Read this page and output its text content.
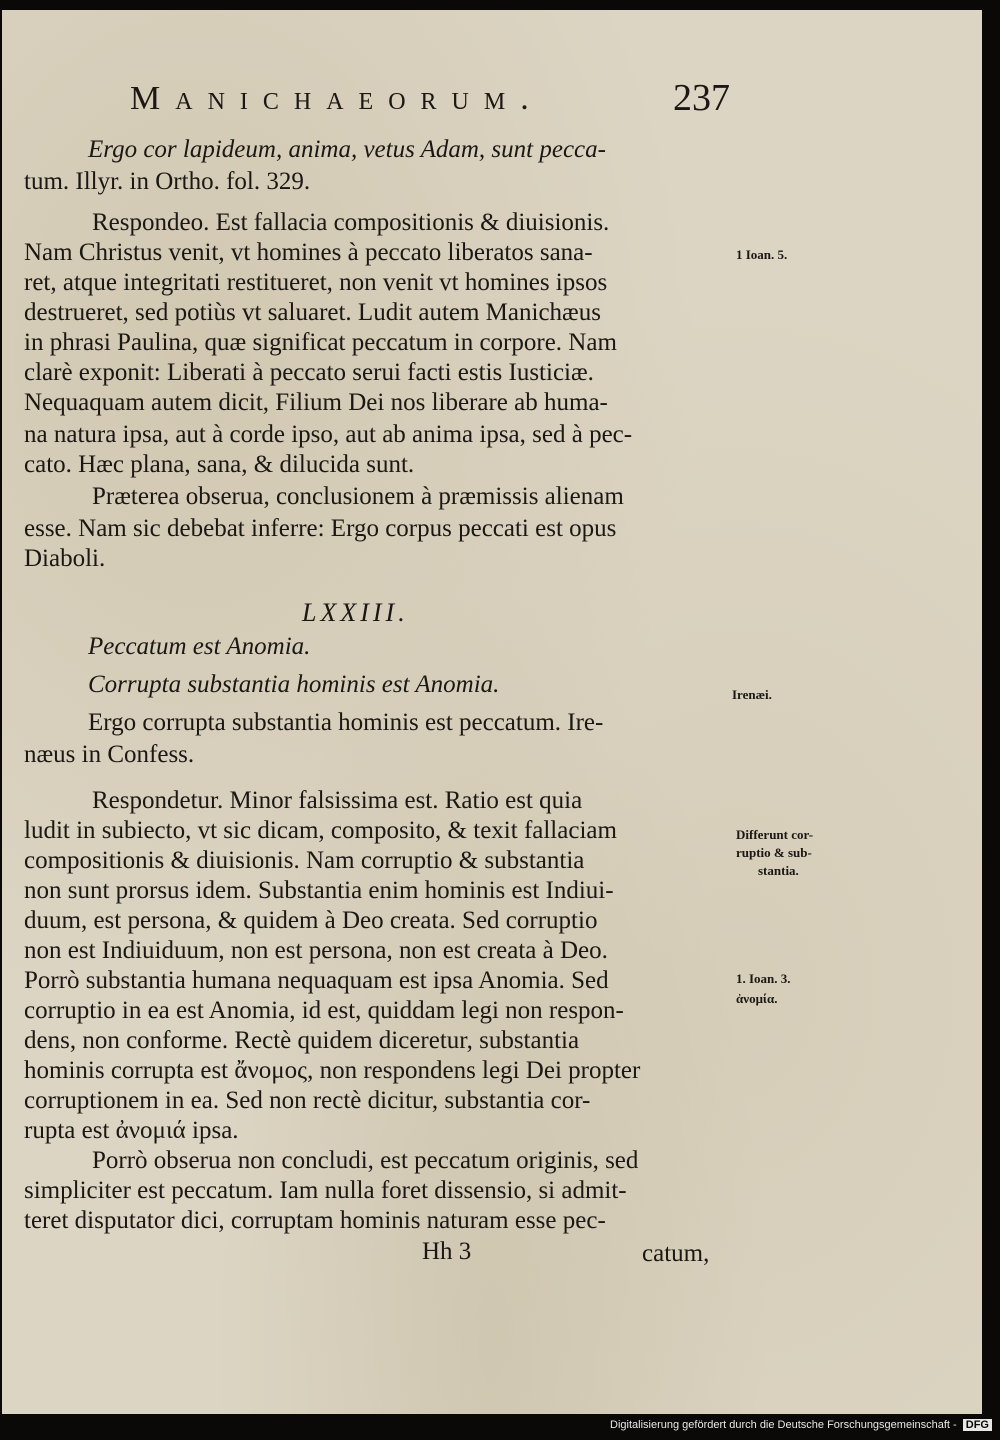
Manichaeorum.	237
Ergo cor lapideum, anima, vetus Adam, sunt pecca-
tum. Illyr. in Ortho. fol. 329.
Respondeo. Est fallacia compositionis & diuisionis.
Nam Christus venit, vt homines à peccato liberatos sana-
ret, atque integritati restitueret, non venit vt homines ipsos
destrueret, sed potiùs vt saluaret. Ludit autem Manichæus
in phrasi Paulina, quæ significat peccatum in corpore. Nam
clarè exponit: Liberati à peccato serui facti estis Iusticiæ.
Nequaquam autem dicit, Filium Dei nos liberare ab huma-
na natura ipsa, aut à corde ipso, aut ab anima ipsa, sed à pec-
cato. Hæc plana, sana, & dilucida sunt.
Præterea obserua, conclusionem à præmissis alienam
esse. Nam sic debebat inferre: Ergo corpus peccati est opus
Diaboli.
LXXIII.
Peccatum est Anomia.
Corrupta substantia hominis est Anomia.
Ergo corrupta substantia hominis est peccatum. Ire-
næus in Confess.
Respondetur. Minor falsissima est. Ratio est quia
ludit in subiecto, vt sic dicam, composito, & texit fallaciam
compositionis & diuisionis. Nam corruptio & substantia
non sunt prorsus idem. Substantia enim hominis est Indiui-
duum, est persona, & quidem à Deo creata. Sed corruptio
non est Indiuiduum, non est persona, non est creata à Deo.
Porrò substantia humana nequaquam est ipsa Anomia. Sed
corruptio in ea est Anomia, id est, quiddam legi non respon-
dens, non conforme. Rectè quidem diceretur, substantia
hominis corrupta est ἄνομος, non respondens legi Dei propter
corruptionem in ea. Sed non rectè dicitur, substantia cor-
rupta est ἀνομιά ipsa.
Porrò obserua non concludi, est peccatum originis, sed
simpliciter est peccatum. Iam nulla foret dissensio, si admit-
teret disputator dici, corruptam hominis naturam esse pec-
1 Ioan. 5.
Irenæi.
Differunt cor-
ruptio & sub-
stantia.
1. Ioan. 3.
ἀνομία.
Hh 3	catum,
Digitalisierung gefördert durch die Deutsche Forschungsgemeinschaft - DFG
